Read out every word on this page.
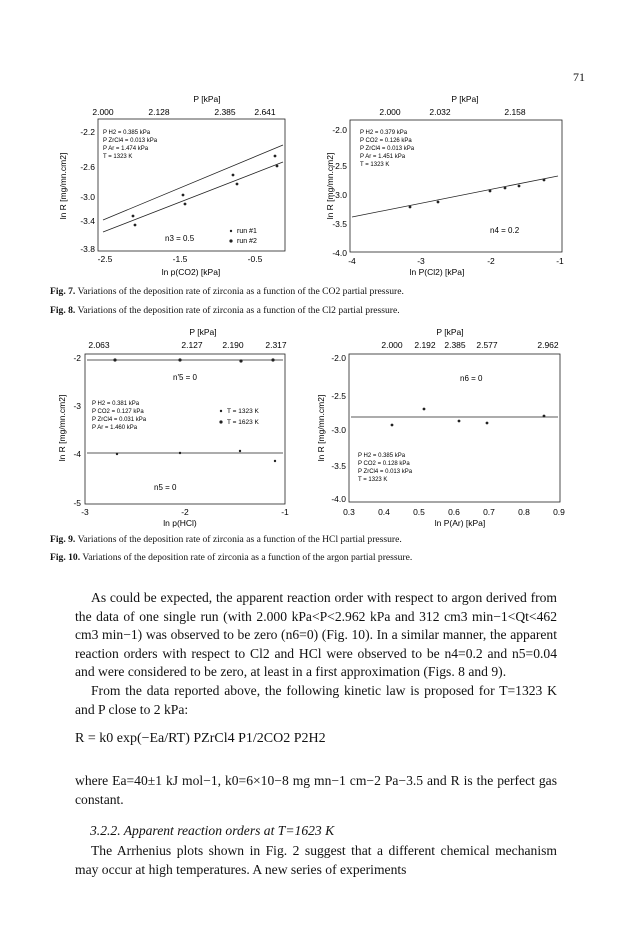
71
P [kPa]
2.000	2.128	2.385 2.641
-2.2
-2.6
-3.0
-3.4
-3.8
-2.5	-1.5	-0.5
ln p(CO2) [kPa]
ln R [mg/mn.cm2]
P H2 = 0.385 kPa
P ZrCl4 = 0.013 kPa
P Ar = 1.474 kPa
T = 1323 K
n3 = 0.5
run #1
run #2
P [kPa]
2.000	2.032	2.158
-2.0
-2.5
-3.0
-3.5
-4.0
-4	-3	-2	-1
ln P(Cl2) [kPa]
ln R [mg/mn.cm2]
P H2 = 0.379 kPa
P CO2 = 0.126 kPa
P ZrCl4 = 0.013 kPa
P Ar = 1.451 kPa
T = 1323 K
n4 = 0.2
Fig. 7. Variations of the deposition rate of zirconia as a function of the CO2 partial pressure.
Fig. 8. Variations of the deposition rate of zirconia as a function of the Cl2 partial pressure.
P [kPa]
2.063	2.127 2.190	2.317
-2
-3
-4
-5
-3	-2	-1
ln p(HCl)
ln R [mg/mn.cm2]
n'5 = 0
P H2 = 0.381 kPa
P CO2 = 0.127 kPa
P ZrCl4 = 0.031 kPa
P Ar = 1.460 kPa
T = 1323 K
T = 1623 K
n5 = 0
P [kPa]
2.000 2.192 2.385 2.577	2.962
-2.0
-2.5
-3.0
-3.5
-4.0
0.3	0.4	0.5	0.6	0.7	0.8	0.9
ln P(Ar) [kPa]
ln R [mg/mn.cm2]
n6 = 0
P H2 = 0.385 kPa
P CO2 = 0.128 kPa
P ZrCl4 = 0.013 kPa
T = 1323 K
Fig. 9. Variations of the deposition rate of zirconia as a function of the HCl partial pressure.
Fig. 10. Variations of the deposition rate of zirconia as a function of the argon partial pressure.

As could be expected, the apparent reaction order with respect to argon derived from the data of one single run (with 2.000 kPa<P<2.962 kPa and 312 cm3 min−1<Qt<462 cm3 min−1) was observed to be zero (n6=0) (Fig. 10). In a similar manner, the apparent reaction orders with respect to Cl2 and HCl were observed to be n4=0.2 and n5=0.04 and were considered to be zero, at least in a first approximation (Figs. 8 and 9).

From the data reported above, the following kinetic law is proposed for T=1323 K and P close to 2 kPa:

R = k0 exp(−Ea/RT) PZrCl4 P1/2CO2 P2H2

where Ea=40±1 kJ mol−1, k0=6×10−8 mg mn−1 cm−2 Pa−3.5 and R is the perfect gas constant.

3.2.2. Apparent reaction orders at T=1623 K

The Arrhenius plots shown in Fig. 2 suggest that a different chemical mechanism may occur at high temperatures. A new series of experiments
